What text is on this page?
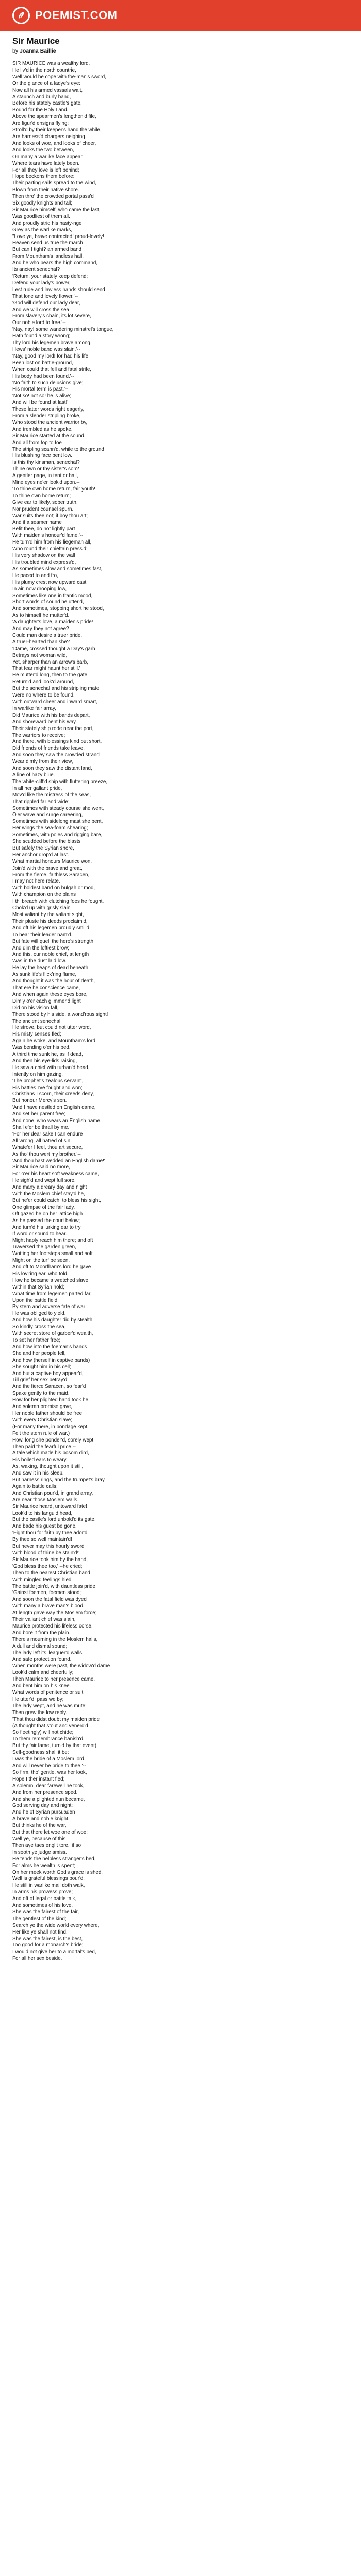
POEMIST.COM
Sir Maurice
by Joanna Baillie
SIR MAURICE was a wealthy lord,
He liv'd in the north countrie,
Well would he cope with foe-man's sword,
Or the glance of a ladye's eye:
Now all his armed vassals wait,
A staunch and burly band,
Before his stately castle's gate,
Bound for the Holy Land.
Above the spearmen's lengthen'd file,
Are figur'd ensigns flying;
Stroll'd by their keeper's hand the while,
Are harness'd chargers neighing.
And looks of woe, and looks of cheer,
And looks the two between,
On many a warlike face appear,
Where tears have lately been.
For all they love is left behind;
Hope beckons them before:
Their parting sails spread to the wind,
Blown from their native shore.
Then thro' the crowded portal pass'd
Six goodly knights and tall;
Sir Maurice himself, who came the last,
Was goodliest of them all.
And proudly strid his hasty-nge
Grey as the warlike marks,
"Love ye, brave contracted! proud-lovely!
Heaven send us true the march
But can I tight? an armed band
From Mountham's landless hall,
And he who bears the high command,
Its ancient senechal?
'Return, your stately keep defend;
Defend your lady's bower,
Lest rude and lawless hands should send
That lone and lovely flower.'--
'God will defend our lady dear,
And we will cross the sea,
From slavery's chain, its lot severe,
Our noble lord to free.'--
'Nay, nay! some wandering minstrel's tongue,
Hath found a story wrong;
Thy lord his legemen brave among,
Hews' noble band was slain.'--
'Nay, good my lord! for had his life
Been lost on battle-ground,
When could that fell and fatal strife,
His body had been found.'--
'No faith to such delusions give;
His mortal term is past.'--
'Not so! not so! he is alive;
And will be found at last!'
These latter words right eagerly,
From a slender stripling broke,
Who stood the ancient warrior by,
And trembled as he spoke.
Sir Maurice started at the sound,
And all from top to toe
The stripling scann'd, while to the ground
His blushing face bent low.
Is this thy kinsman, senechal?
Thine own or thy sister's son?
A gentler page, in tent or hall,
Mine eyes ne'er look'd upon.--
'To thine own home return, fair youth!
To thine own home return;
Give ear to likely, sober truth,
Nor prudent counsel spurn.
War suits thee not; if boy thou art;
And if a seamer name
Befit thee, do not lightly part
With maiden's honour'd fame.'--
He turn'd him from his liegeman all,
Who round their chieftain press'd;
His very shadow on the wall
His troubled mind express'd,
As sometimes slow and sometimes fast,
He paced to and fro,
His plumy crest now upward cast
In air, now drooping low,
Sometimes like one in frantic mood,
Short words of sound he utter'd,
And sometimes, stopping short he stood,
As to himself he mutter'd.
'A daughter's love, a maiden's pride!
And may they not agree?
Could man desire a truer bride,
A truer-hearted than she?
'Dame, crossed thought a Day's garb
Betrays not woman wild,
Yet, sharper than an arrow's barb,
That fear might haunt her still.'
He mutter'd long, then to the gate,
Return'd and look'd around,
But the senechal and his stripling mate
Were no where to be found.
With outward cheer and inward smart,
In warlike fair array,
Did Maurice with his bands depart,
And shoreward bent his way.
Their stately ship rode near the port,
The warriors to receive;
And there, with blessings kind but short,
Did friends of friends take leave.
And soon they saw the crowded strand
Wear dimly from their view,
And soon they saw the distant land,
A line of hazy blue.
The white-cliff'd ship with fluttering breeze,
In all her gallant pride,
Mov'd like the mistress of the seas,
That rippled far and wide;
Sometimes with steady course she went,
O'er wave and surge careering,
Sometimes with sidelong mast she bent,
Her wings the sea-foam shearing;
Sometimes, with poles and rigging bare,
She scudded before the blasts
But safely the Syrian shore,
Her anchor drop'd at last.
What martial honours Maurice won,
Join'd with the brave and great,
From the fierce, faithless Saracen,
I may not here relate.
With boldest band on bulgah or mod,
With champion on the plains
I th' breach with clutching foes he fought,
Chok'd up with grisly slain.
Most valiant by the valiant sight,
Their pluste his deeds proclaim'd,
And oft his legemen proudly smil'd
To hear their leader nam'd.
But fate will quell the hero's strength,
And dim the loftiest brow;
And this, our noble chief, at length
Was in the dust laid low.
He lay the heaps of dead beneath,
As sunk life's flick'ring flame,
And thought it was the hour of death,
That ere he conscience came,
And when again these eyes bore,
Dimly o'er each glimmer'd light
Did on his vision fall,
There stood by his side, a wond'rous sight!
The ancient senechal.
He strove, but could not utter word,
His misty senses fled;
Again he woke, and Mountham's lord
Was bending o'er his bed.
A third time sunk he, as if dead,
And then his eye-lids raising,
He saw a chief with turban'd head,
Intently on him gazing.
'The prophet's zealous servant',
His battles I've fought and won;
Christians I scorn, their creeds deny,
But honour Mercy's son.
'And I have nestled on English dame,
And set her parent free;
And none, who wears an English name,
Shall e'er be thrall by me.
'For her dear sake I can endure
All wrong, all hatred of sin:
Whate'er I feel, thou art secure,
As tho' thou wert my brother.'--
'And thou hast wedded an English dame!'
Sir Maurice said no more,
For o'er his heart soft weakness came,
He sigh'd and wept full sore.
And many a dreary day and night
With the Moslem chief stay'd he,
But ne'er could catch, to bless his sight,
One glimpse of the fair lady.
Oft gazed he on her lattice high
As he passed the court below;
And turn'd his lurking ear to try
If word or sound to hear.
Might haply reach him there; and oft
Traversed the garden green,
Wotting her footsteps small and soft
Might on the turf be seen.
And oft to Moorfham's lord he gave
His lov'ring ear, who told,
How he became a wretched slave
Within that Syrian hold;
What time from legemen parted far,
Upon the battle field,
By stern and adverse fate of war
He was obliged to yield.
And how his daughter did by stealth
So kindly cross the sea,
With secret store of garber'd wealth,
To set her father free;
And how into the foeman's hands
She and her people fell,
And how (herself in captive bands)
She sought him in his cell;
And but a captive boy appear'd,
Till grief her sex betray'd;
And the fierce Saracen, so fear'd
Spake gently to the maid.
How for her plighted hand took he,
And solemn promise gave,
Her noble father should be free
With every Christian slave;
(For many there, in bondage kept,
Felt the stern rule of war.)
How, long she ponder'd, sorely wept,
Then paid the fearful price.--
A tale which made his bosom dird,
His boiled ears to weary,
As, waking, thought upon it still,
And saw it in his sleep.
But harness rings, and the trumpet's bray
Again to battle calls;
And Christian pour'd, in grand array,
Are near those Moslem walls.
Sir Maurice heard, untoward fate!
Look'd to his languid head,
But the castle's lord unbold'd its gate,
And bade his guest be gone.
'Fight thou for faith by thee ador'd
By thee so well maintain'd!
But never may this hourly sword
With blood of thine be stain'd!'
Sir Maurice took him by the hand,
'God bless thee too,' --he cried;
Then to the nearest Christian band
With mingled feelings hied.
The battle join'd, with dauntless pride
'Gainst foemen, foemen stood;
And soon the fatal field was dyed
With many a brave man's blood.
At length gave way the Moslem force;
Their valiant chief was slain,
Maurice protected his lifeless corse,
And bore it from the plain.
There's mourning in the Moslem halls,
A dull and dismal sound;
The lady left its 'leaguer'd walls,
And safe protection found.
When months were past, the widow'd dame
Look'd calm and cheerfully;
Then Maurice to her presence came,
And bent him on his knee.
What words of penitence or suit
He utter'd, pass we by;
The lady wept, and he was mute;
Then grew the low reply.
'That thou didst doubt my maiden pride
(A thought that stout and venerd'd
So fleetingly) will not chide;
To them remembrance banish'd.
But thy fair fame, turn'd by that event)
Self-goodness shall it be:
I was the bride of a Moslem lord,
And will never be bride to thee.'--
So firm, tho' gentle, was her look,
Hope I ther instant fled;
A solemn, dear farewell he took,
And from her presence sped.
And she a plighted nun became,
God serving day and night;
And he of Syrian pursuaden
A brave and noble knight.
But thinks he of the war,
But that there let woe one of woe;
Well ye, because of this
Then aye taes englit tore,' if so
In sooth ye judge amiss.
He tends the helpless stranger's bed,
For alms he wealth is spent;
On her meek worth God's grace is shed,
Well is grateful blessings pour'd.
He still in warlike mail doth walk,
In arms his prowess prove;
And oft of legal or battle talk,
And sometimes of his love.
She was the fairest of the fair,
The gentlest of the kind;
Search ye the wide world every where,
Her like ye shall not find.
She was the fairest, is the best,
Too good for a monarch's bride;
I would not give her to a mortal's bed,
For all her sex beside.
